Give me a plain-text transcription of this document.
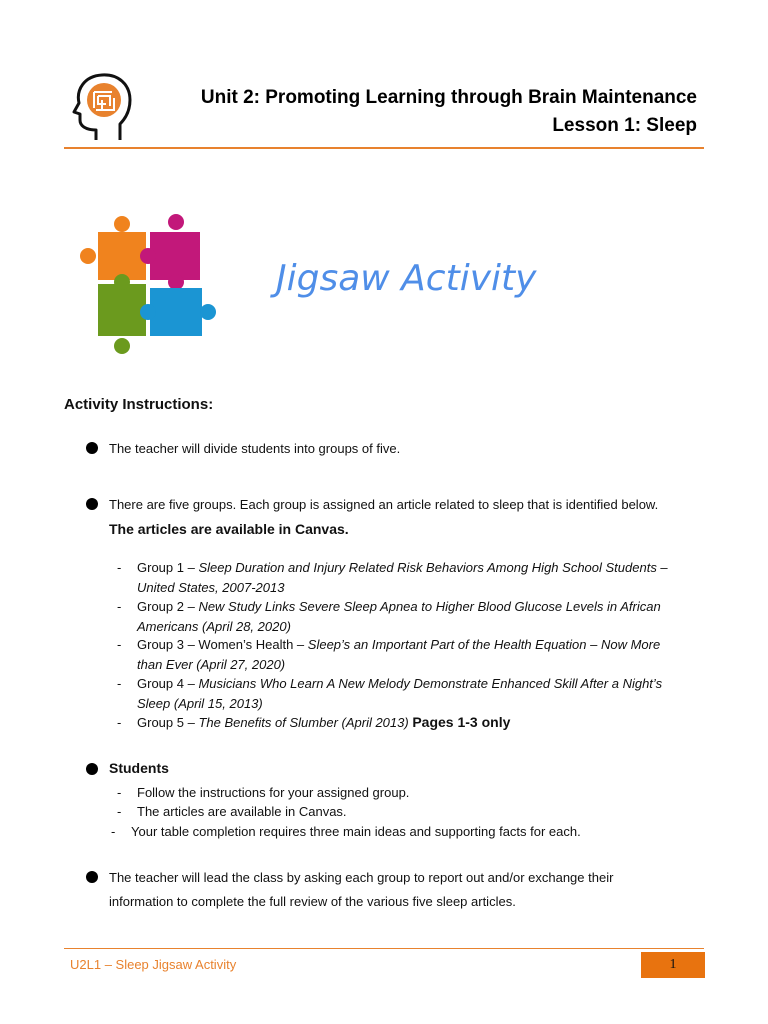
Unit 2: Promoting Learning through Brain Maintenance
Lesson 1: Sleep
Jigsaw Activity
Activity Instructions:
The teacher will divide students into groups of five.
There are five groups. Each group is assigned an article related to sleep that is identified below.
The articles are available in Canvas.
- Group 1 – Sleep Duration and Injury Related Risk Behaviors Among High School Students –
United States, 2007-2013
- Group 2 – New Study Links Severe Sleep Apnea to Higher Blood Glucose Levels in African
Americans (April 28, 2020)
- Group 3 – Women’s Health – Sleep’s an Important Part of the Health Equation – Now More
than Ever (April 27, 2020)
- Group 4 – Musicians Who Learn A New Melody Demonstrate Enhanced Skill After a Night’s
Sleep (April 15, 2013)
- Group 5 – The Benefits of Slumber (April 2013) Pages 1-3 only
Students
- Follow the instructions for your assigned group.
- The articles are available in Canvas.
- Your table completion requires three main ideas and supporting facts for each.
The teacher will lead the class by asking each group to report out and/or exchange their
information to complete the full review of the various five sleep articles.
U2L1 – Sleep Jigsaw Activity	1
